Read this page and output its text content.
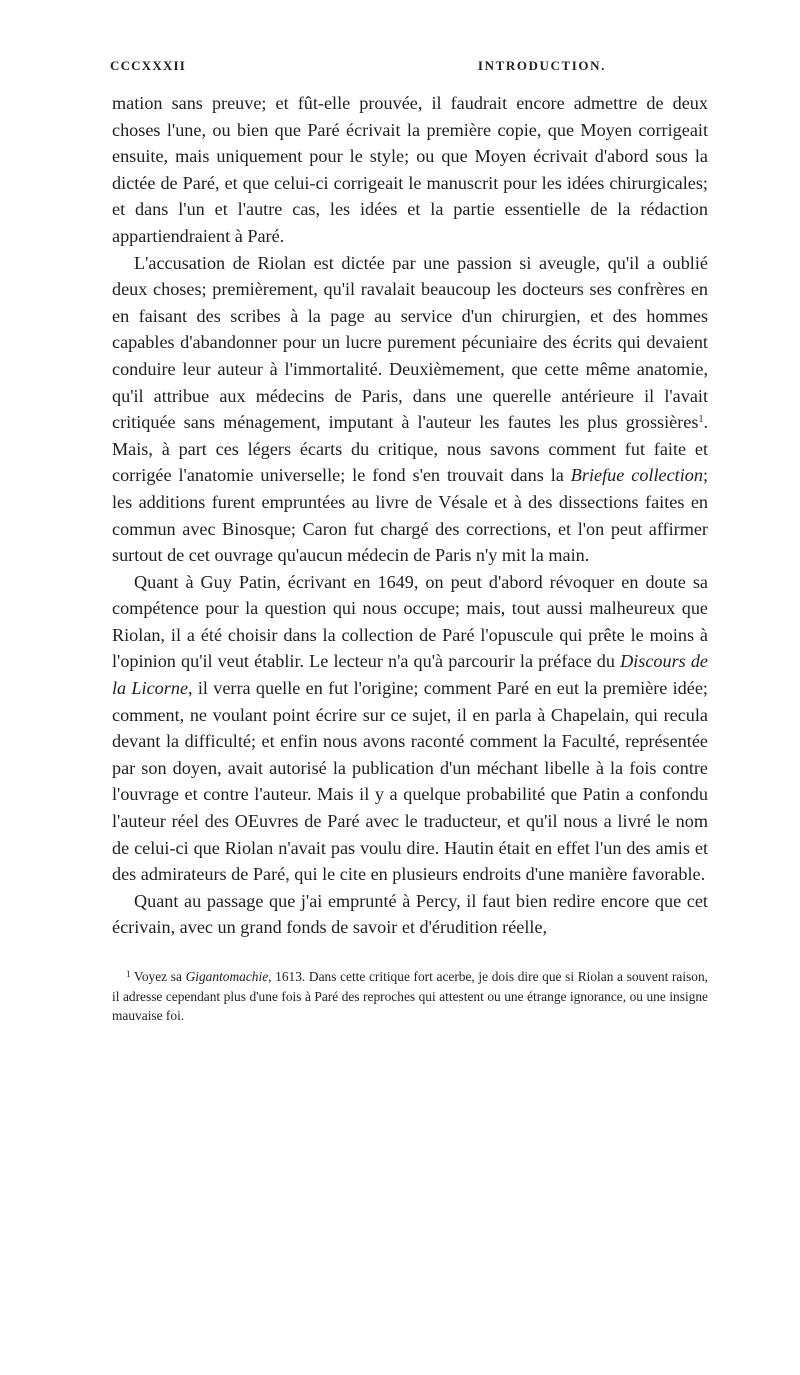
CCCXXXII	INTRODUCTION.

mation sans preuve; et fût-elle prouvée, il faudrait encore admettre de deux choses l'une, ou bien que Paré écrivait la première copie, que Moyen corrigeait ensuite, mais uniquement pour le style; ou que Moyen écrivait d'abord sous la dictée de Paré, et que celui-ci corrigeait le manuscrit pour les idées chirurgicales; et dans l'un et l'autre cas, les idées et la partie essentielle de la rédaction appartiendraient à Paré.

L'accusation de Riolan est dictée par une passion si aveugle, qu'il a oublié deux choses; premièrement, qu'il ravalait beaucoup les docteurs ses confrères en en faisant des scribes à la page au service d'un chirurgien, et des hommes capables d'abandonner pour un lucre purement pécuniaire des écrits qui devaient conduire leur auteur à l'immortalité. Deuxièmement, que cette même anatomie, qu'il attribue aux médecins de Paris, dans une querelle antérieure il l'avait critiquée sans ménagement, imputant à l'auteur les fautes les plus grossières$^1$. Mais, à part ces légers écarts du critique, nous savons comment fut faite et corrigée l'anatomie universelle; le fond s'en trouvait dans la Briefue collection; les additions furent empruntées au livre de Vésale et à des dissections faites en commun avec Binosque; Caron fut chargé des corrections, et l'on peut affirmer surtout de cet ouvrage qu'aucun médecin de Paris n'y mit la main.

Quant à Guy Patin, écrivant en 1649, on peut d'abord révoquer en doute sa compétence pour la question qui nous occupe; mais, tout aussi malheureux que Riolan, il a été choisir dans la collection de Paré l'opuscule qui prête le moins à l'opinion qu'il veut établir. Le lecteur n'a qu'à parcourir la préface du Discours de la Licorne, il verra quelle en fut l'origine; comment Paré en eut la première idée; comment, ne voulant point écrire sur ce sujet, il en parla à Chapelain, qui recula devant la difficulté; et enfin nous avons raconté comment la Faculté, représentée par son doyen, avait autorisé la publication d'un méchant libelle à la fois contre l'ouvrage et contre l'auteur. Mais il y a quelque probabilité que Patin a confondu l'auteur réel des OEuvres de Paré avec le traducteur, et qu'il nous a livré le nom de celui-ci que Riolan n'avait pas voulu dire. Hautin était en effet l'un des amis et des admirateurs de Paré, qui le cite en plusieurs endroits d'une manière favorable.

Quant au passage que j'ai emprunté à Percy, il faut bien redire encore que cet écrivain, avec un grand fonds de savoir et d'érudition réelle,

$^1$ Voyez sa Gigantomachie, 1613. Dans cette critique fort acerbe, je dois dire que si Riolan a souvent raison, il adresse cependant plus d'une fois à Paré des reproches qui attestent ou une étrange ignorance, ou une insigne mauvaise foi.
